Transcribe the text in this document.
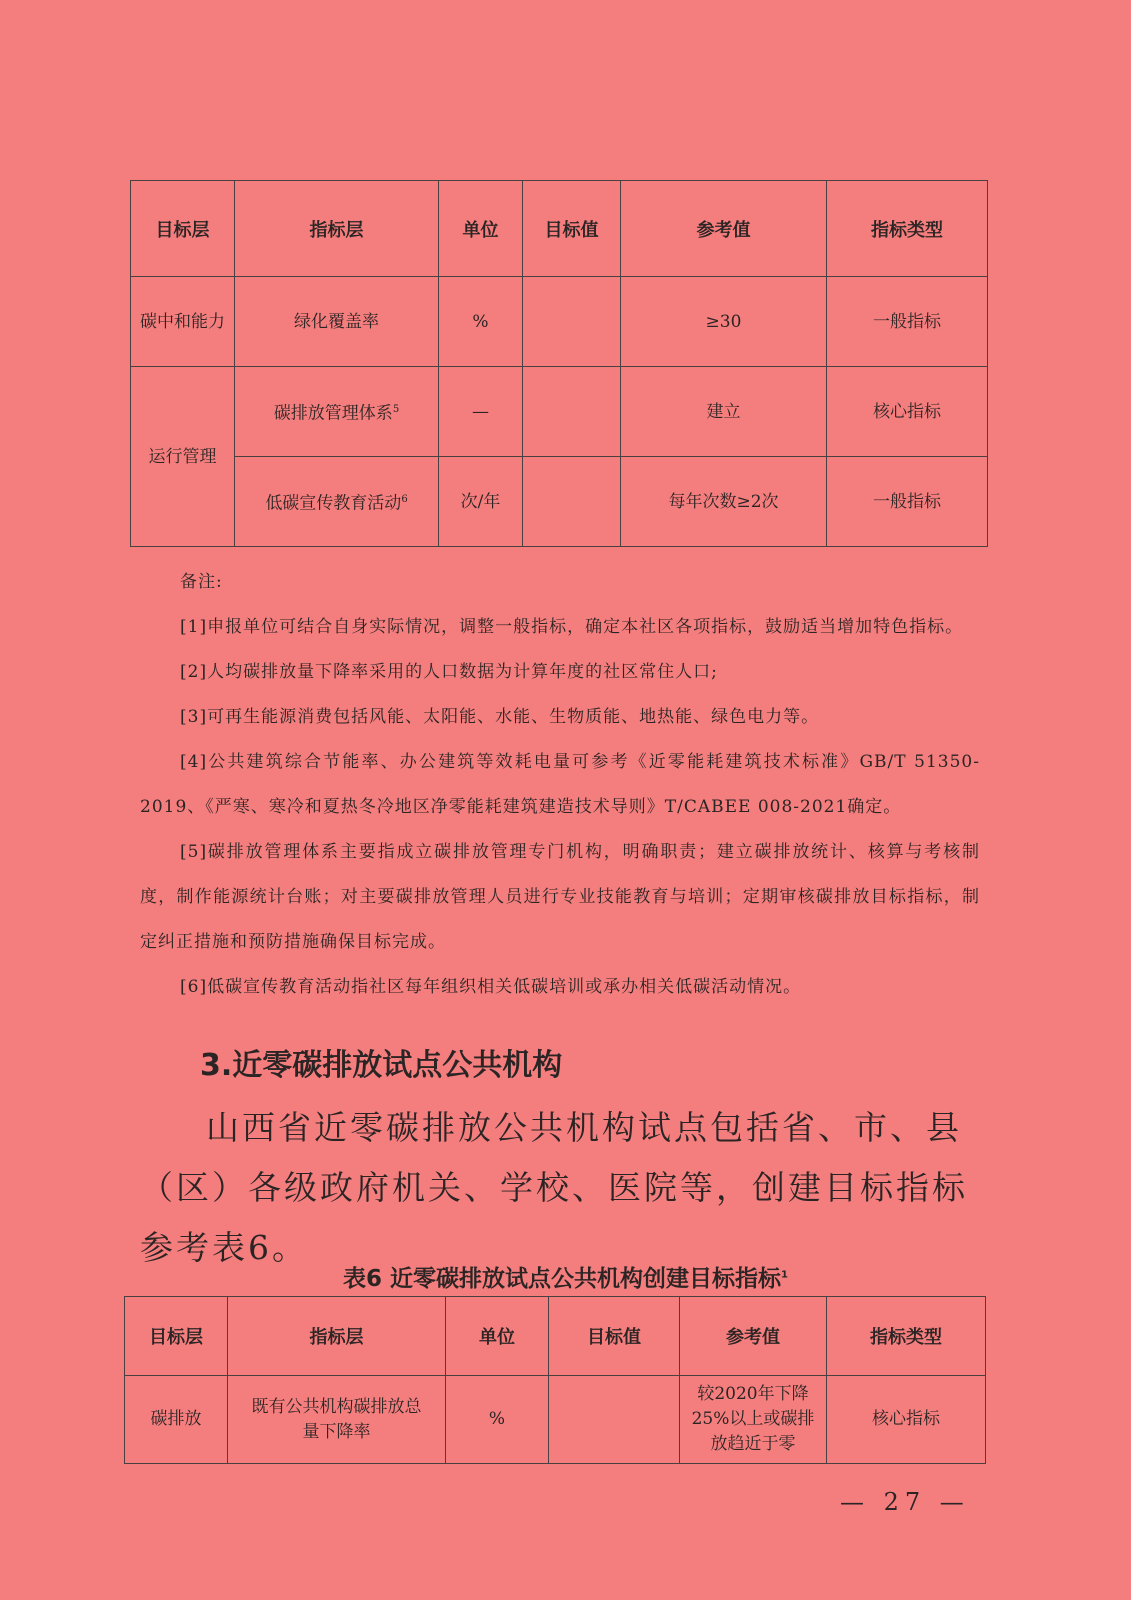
目标层	指标层	单位	目标值	参考值	指标类型
碳中和能力	绿化覆盖率	%		≥30	一般指标
运行管理	碳排放管理体系$^5$	—		建立	核心指标
	低碳宣传教育活动$^6$	次/年		每年次数≥2次	一般指标

备注:

[1]申报单位可结合自身实际情况，调整一般指标，确定本社区各项指标，鼓励适当增加特色指标。

[2]人均碳排放量下降率采用的人口数据为计算年度的社区常住人口;

[3]可再生能源消费包括风能、太阳能、水能、生物质能、地热能、绿色电力等。

[4]公共建筑综合节能率、办公建筑等效耗电量可参考《近零能耗建筑技术标准》GB/T 51350-2019、《严寒、寒冷和夏热冬冷地区净零能耗建筑建造技术导则》T/CABEE 008-2021确定。

[5]碳排放管理体系主要指成立碳排放管理专门机构，明确职责；建立碳排放统计、核算与考核制度，制作能源统计台账；对主要碳排放管理人员进行专业技能教育与培训；定期审核碳排放目标指标，制定纠正措施和预防措施确保目标完成。

[6]低碳宣传教育活动指社区每年组织相关低碳培训或承办相关低碳活动情况。

3.近零碳排放试点公共机构

山西省近零碳排放公共机构试点包括省、市、县（区）各级政府机关、学校、医院等，创建目标指标参考表6。

表6 近零碳排放试点公共机构创建目标指标$^1$
目标层	指标层	单位	目标值	参考值	指标类型
碳排放	既有公共机构碳排放总量下降率	%		较2020年下降25%以上或碳排放趋近于零	核心指标
— 27 —
